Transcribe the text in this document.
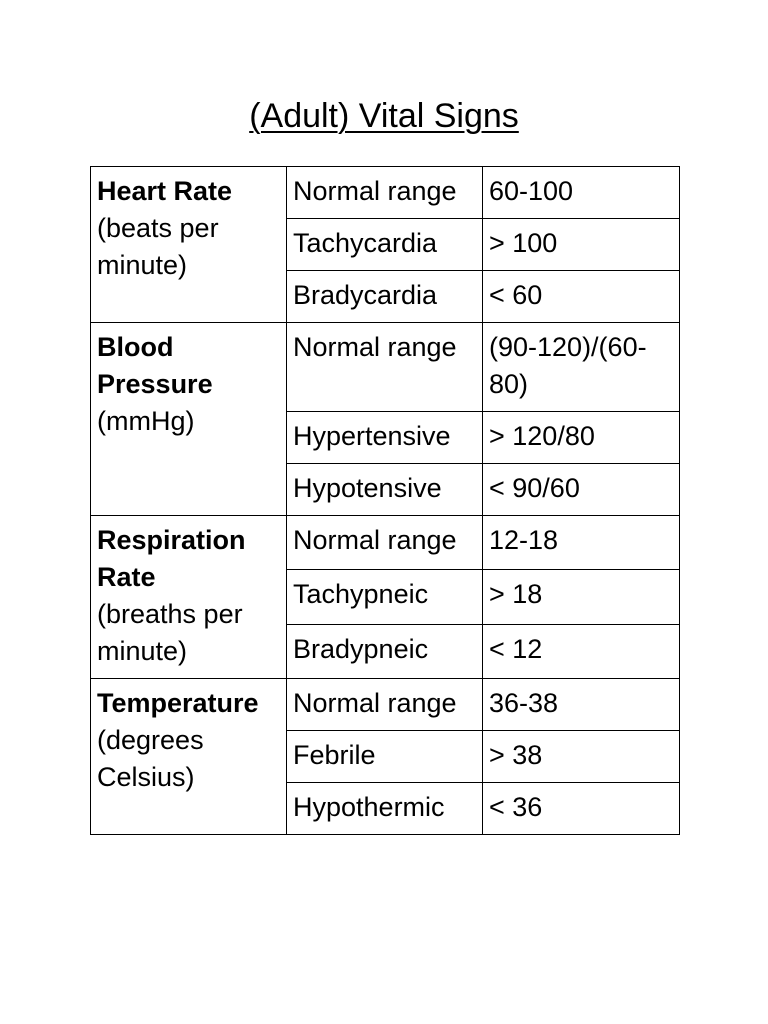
(Adult) Vital Signs
Heart Rate
(beats per minute)	Normal range	60-100
	Tachycardia	> 100
	Bradycardia	< 60

Blood Pressure
(mmHg)	Normal range	(90-120)/(60-80)
	Hypertensive	> 120/80
	Hypotensive	< 90/60

Respiration Rate
(breaths per minute)	Normal range	12-18
	Tachypneic	> 18
	Bradypneic	< 12

Temperature
(degrees Celsius)	Normal range	36-38
	Febrile	> 38
	Hypothermic	< 36
